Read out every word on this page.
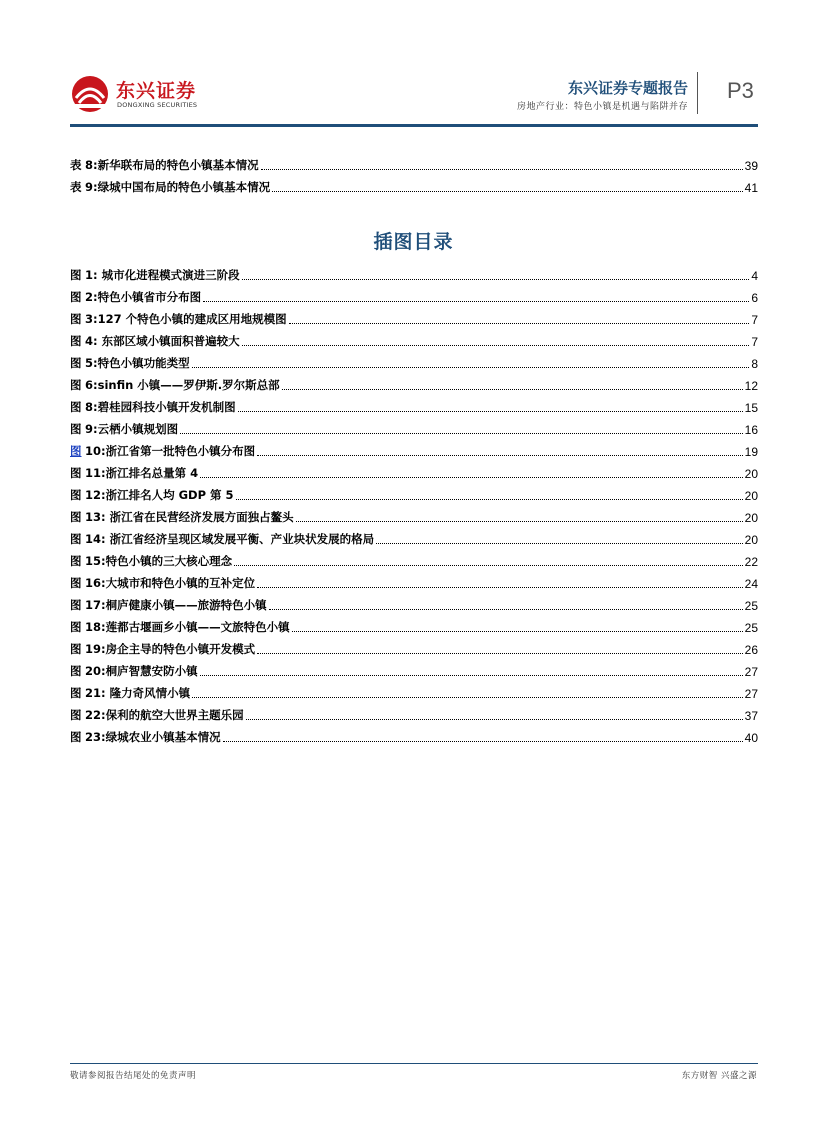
东兴证券
DONGXING SECURITIES
东兴证券专题报告
房地产行业：特色小镇是机遇与陷阱并存
P3
表 8:新华联布局的特色小镇基本情况	39
表 9:绿城中国布局的特色小镇基本情况	41
插图目录
图 1: 城市化进程模式演进三阶段	4
图 2:特色小镇省市分布图	6
图 3:127 个特色小镇的建成区用地规模图	7
图 4: 东部区域小镇面积普遍较大	7
图 5:特色小镇功能类型	8
图 6:sinfin 小镇——罗伊斯.罗尔斯总部	12
图 8:碧桂园科技小镇开发机制图	15
图 9:云栖小镇规划图	16
图 10:浙江省第一批特色小镇分布图	19
图 11:浙江排名总量第 4	20
图 12:浙江排名人均 GDP 第 5	20
图 13: 浙江省在民营经济发展方面独占鳌头	20
图 14: 浙江省经济呈现区域发展平衡、产业块状发展的格局	20
图 15:特色小镇的三大核心理念	22
图 16:大城市和特色小镇的互补定位	24
图 17:桐庐健康小镇——旅游特色小镇	25
图 18:莲都古堰画乡小镇——文旅特色小镇	25
图 19:房企主导的特色小镇开发模式	26
图 20:桐庐智慧安防小镇	27
图 21: 隆力奇风情小镇	27
图 22:保利的航空大世界主题乐园	37
图 23:绿城农业小镇基本情况	40
敬请参阅报告结尾处的免责声明	东方财智 兴盛之源
